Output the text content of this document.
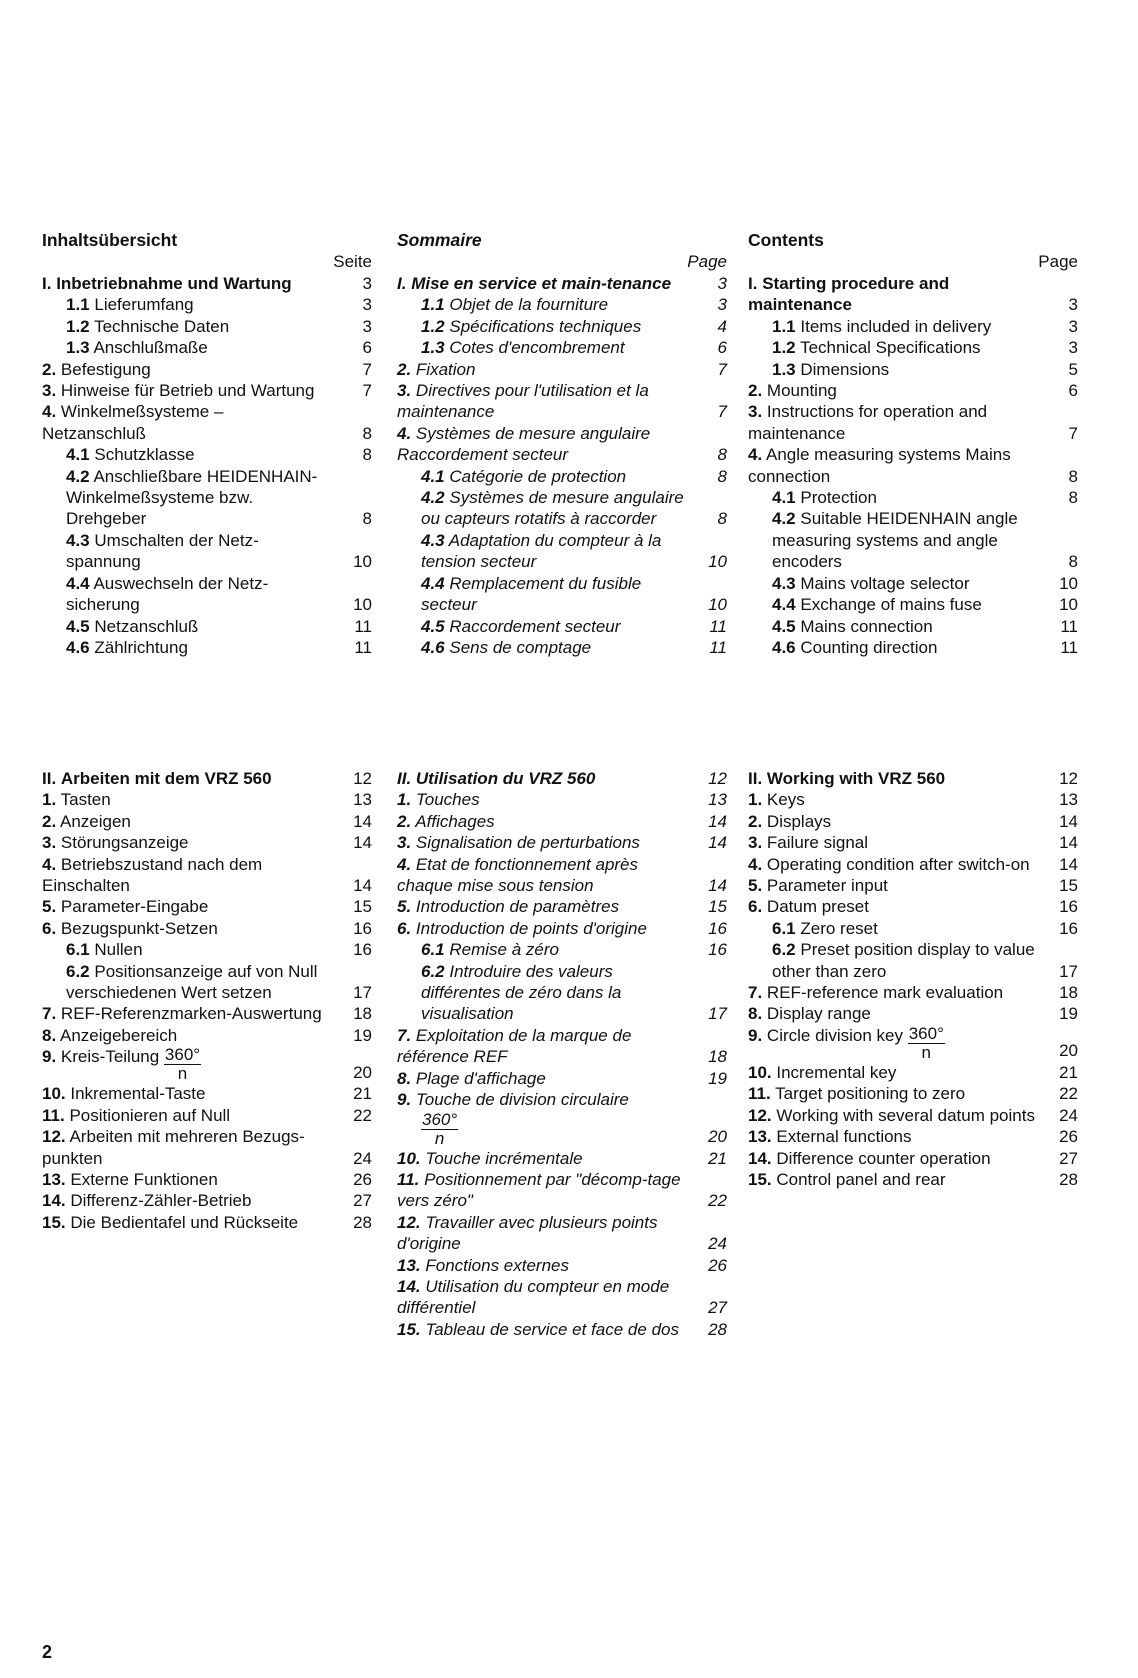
Inhaltsübersicht
Seite
I. Inbetriebnahme und Wartung	3
1.1 Lieferumfang	3
1.2 Technische Daten	3
1.3 Anschlußmaße	6
2. Befestigung	7
3. Hinweise für Betrieb und Wartung	7
4. Winkelmeßsysteme – Netzanschluß	8
4.1 Schutzklasse	8
4.2 Anschließbare HEIDENHAIN-Winkelmeßsysteme bzw. Drehgeber	8
4.3 Umschalten der Netz-spannung	10
4.4 Auswechseln der Netz-sicherung	10
4.5 Netzanschluß	11
4.6 Zählrichtung	11
II. Arbeiten mit dem VRZ 560	12
1. Tasten	13
2. Anzeigen	14
3. Störungsanzeige	14
4. Betriebszustand nach dem Einschalten	14
5. Parameter-Eingabe	15
6. Bezugspunkt-Setzen	16
6.1 Nullen	16
6.2 Positionsanzeige auf von Null verschiedenen Wert setzen	17
7. REF-Referenzmarken-Auswertung	18
8. Anzeigebereich	19
9. Kreis-Teilung $\frac{360^\circ}{n}$	20
10. Inkremental-Taste	21
11. Positionieren auf Null	22
12. Arbeiten mit mehreren Bezugs-punkten	24
13. Externe Funktionen	26
14. Differenz-Zähler-Betrieb	27
15. Die Bedientafel und Rückseite	28
Sommaire
Page
I. Mise en service et main-tenance	3
1.1 Objet de la fourniture	3
1.2 Spécifications techniques	4
1.3 Cotes d'encombrement	6
2. Fixation	7
3. Directives pour l'utilisation et la maintenance	7
4. Systèmes de mesure angulaire Raccordement secteur	8
4.1 Catégorie de protection	8
4.2 Systèmes de mesure angulaire ou capteurs rotatifs à raccorder	8
4.3 Adaptation du compteur à la tension secteur	10
4.4 Remplacement du fusible secteur	10
4.5 Raccordement secteur	11
4.6 Sens de comptage	11
II. Utilisation du VRZ 560	12
1. Touches	13
2. Affichages	14
3. Signalisation de perturbations	14
4. Etat de fonctionnement après chaque mise sous tension	14
5. Introduction de paramètres	15
6. Introduction de points d'origine	16
6.1 Remise à zéro	16
6.2 Introduire des valeurs différentes de zéro dans la visualisation	17
7. Exploitation de la marque de référence REF	18
8. Plage d'affichage	19
9. Touche de division circulaire

$\frac{360^\circ}{n}$	20
10. Touche incrémentale	21
11. Positionnement par "décomp-tage vers zéro"	22
12. Travailler avec plusieurs points d'origine	24
13. Fonctions externes	26
14. Utilisation du compteur en mode différentiel	27
15. Tableau de service et face de dos	28
Contents
Page
I. Starting procedure and maintenance	3
1.1 Items included in delivery	3
1.2 Technical Specifications	3
1.3 Dimensions	5
2. Mounting	6
3. Instructions for operation and maintenance	7
4. Angle measuring systems Mains connection	8
4.1 Protection	8
4.2 Suitable HEIDENHAIN angle measuring systems and angle encoders	8
4.3 Mains voltage selector	10
4.4 Exchange of mains fuse	10
4.5 Mains connection	11
4.6 Counting direction	11
II. Working with VRZ 560	12
1. Keys	13
2. Displays	14
3. Failure signal	14
4. Operating condition after switch-on	14
5. Parameter input	15
6. Datum preset	16
6.1 Zero reset	16
6.2 Preset position display to value other than zero	17
7. REF-reference mark evaluation	18
8. Display range	19
9. Circle division key $\frac{360^\circ}{n}$	20
10. Incremental key	21
11. Target positioning to zero	22
12. Working with several datum points	24
13. External functions	26
14. Difference counter operation	27
15. Control panel and rear	28
2
